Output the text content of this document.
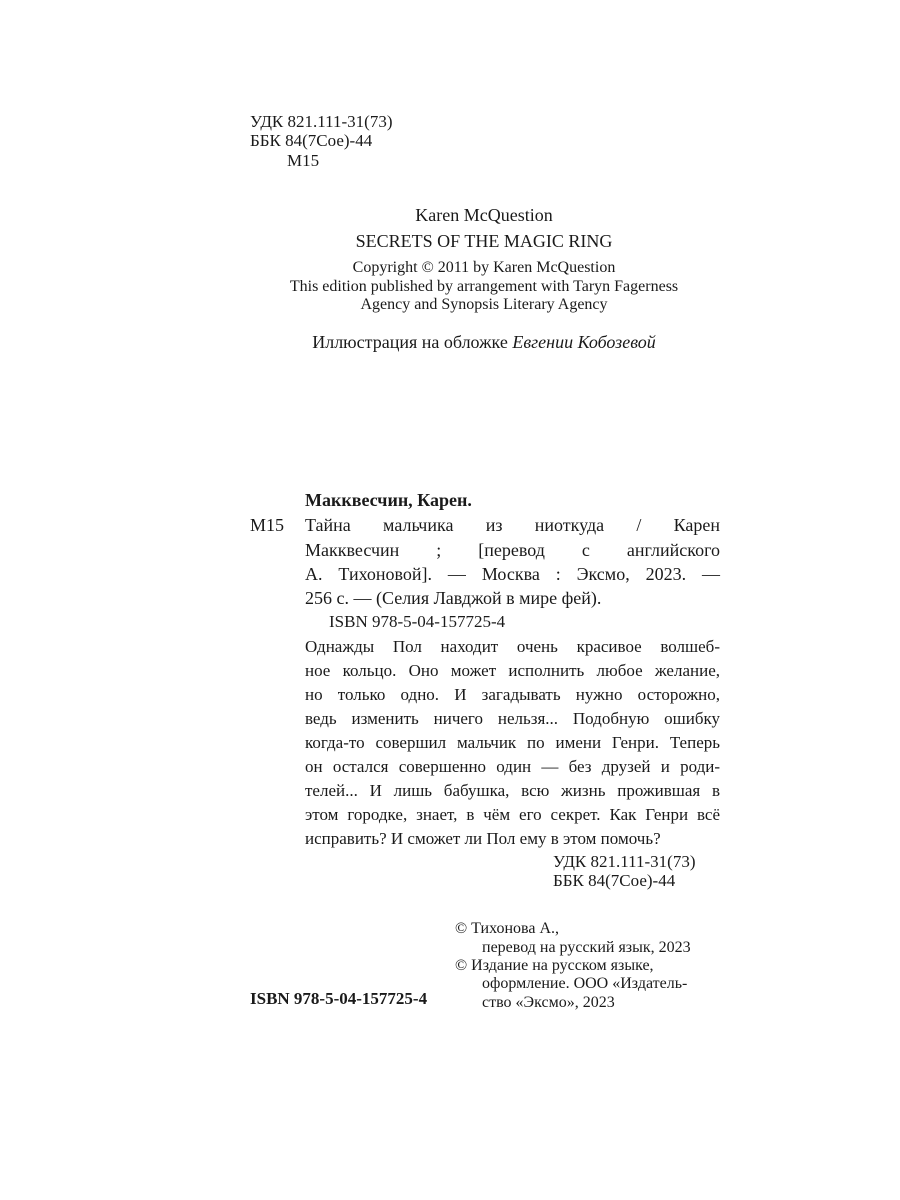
УДК 821.111-31(73)
ББК 84(7Сое)-44
М15
Karen McQuestion
SECRETS OF THE MAGIC RING
Copyright © 2011 by Karen McQuestion
This edition published by arrangement with Taryn Fagerness
Agency and Synopsis Literary Agency
Иллюстрация на обложке Евгении Кобозевой
Макквесчин, Карен.
М15 Тайна мальчика из ниоткуда / Карен
Макквесчин ; [перевод с английского
А. Тихоновой]. — Москва : Эксмо, 2023. —
256 с. — (Селия Лавджой в мире фей).
ISBN 978-5-04-157725-4
Однажды Пол находит очень красивое волшеб-
ное кольцо. Оно может исполнить любое желание,
но только одно. И загадывать нужно осторожно,
ведь изменить ничего нельзя... Подобную ошибку
когда-то совершил мальчик по имени Генри. Теперь
он остался совершенно один — без друзей и роди-
телей... И лишь бабушка, всю жизнь прожившая в
этом городке, знает, в чём его секрет. Как Генри всё
исправить? И сможет ли Пол ему в этом помочь?
УДК 821.111-31(73)
ББК 84(7Сое)-44
© Тихонова А.,
перевод на русский язык, 2023
© Издание на русском языке,
оформление. ООО «Издатель-
ство «Эксмо», 2023
ISBN 978-5-04-157725-4
